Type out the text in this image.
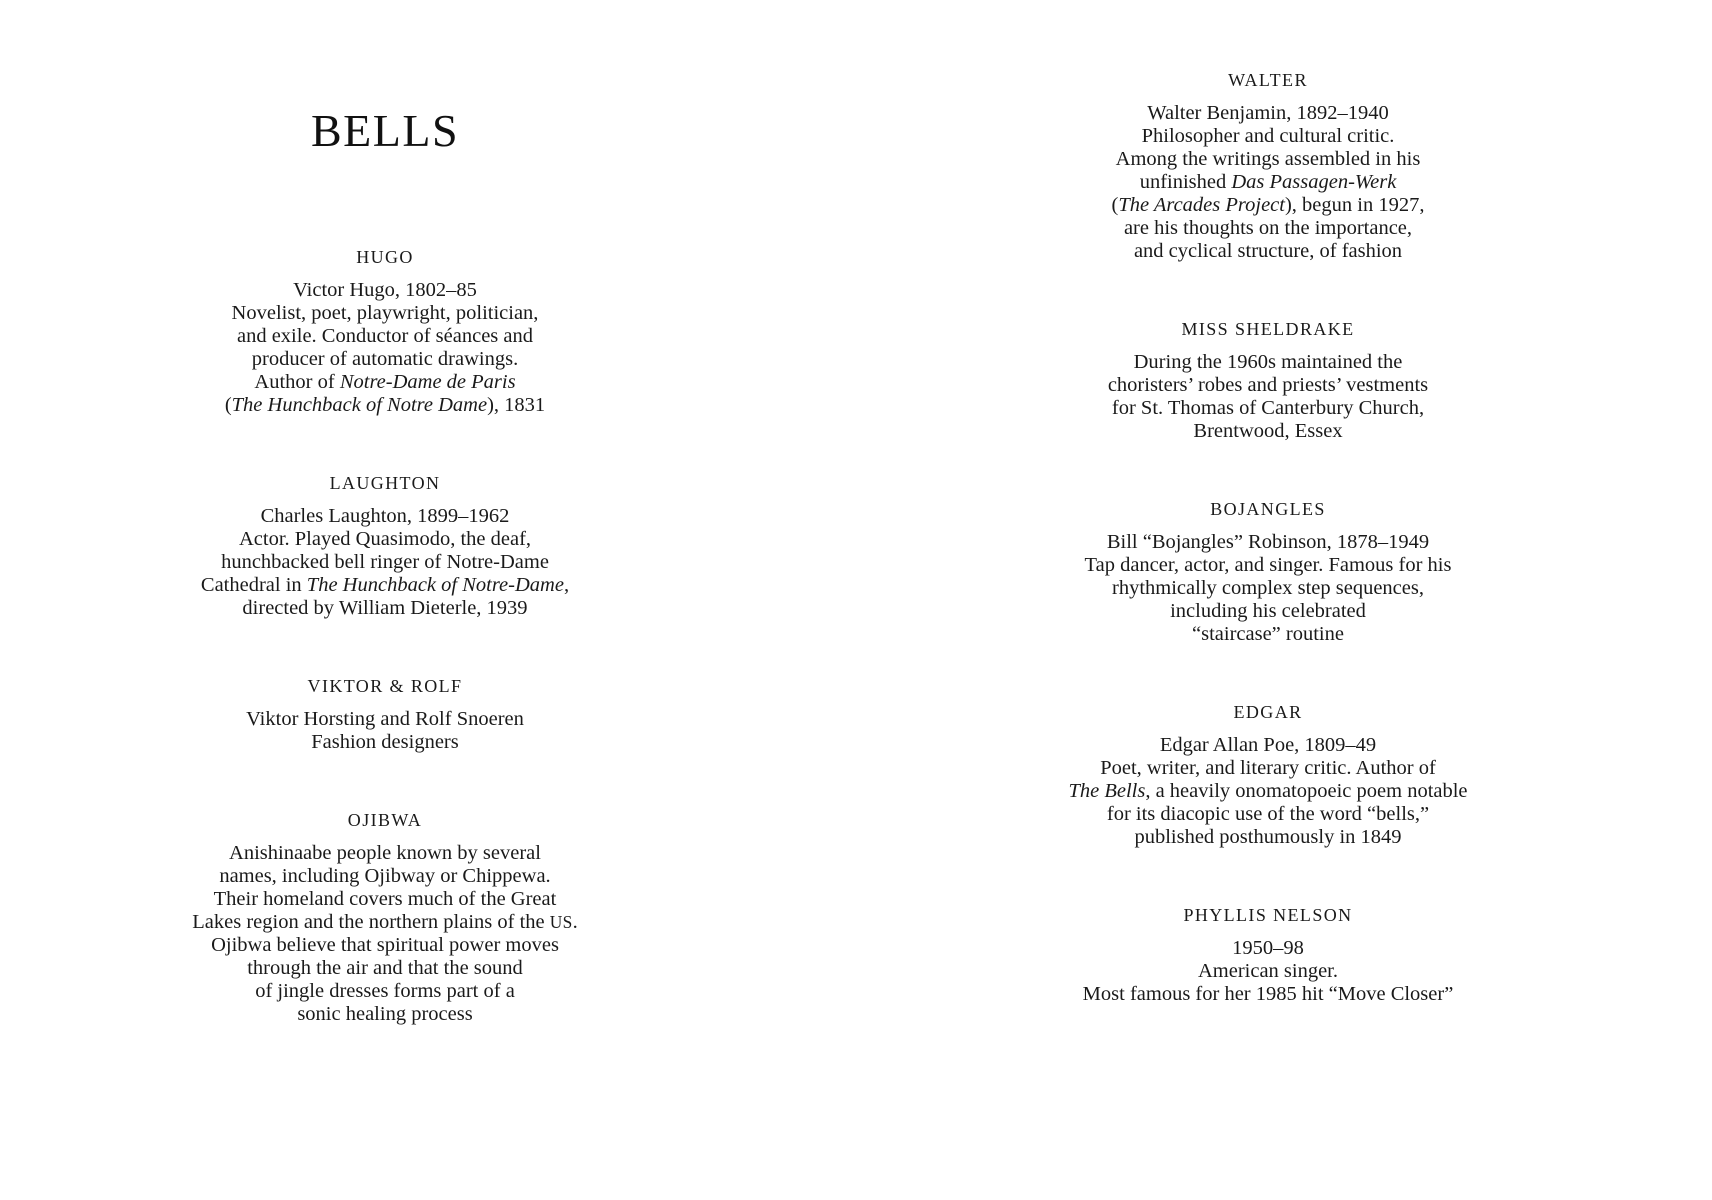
BELLS
HUGO
Victor Hugo, 1802–85
Novelist, poet, playwright, politician,
and exile. Conductor of séances and
producer of automatic drawings.
Author of Notre-Dame de Paris
(The Hunchback of Notre Dame), 1831
LAUGHTON
Charles Laughton, 1899–1962
Actor. Played Quasimodo, the deaf,
hunchbacked bell ringer of Notre-Dame
Cathedral in The Hunchback of Notre-Dame,
directed by William Dieterle, 1939
VIKTOR & ROLF
Viktor Horsting and Rolf Snoeren
Fashion designers
OJIBWA
Anishinaabe people known by several
names, including Ojibway or Chippewa.
Their homeland covers much of the Great
Lakes region and the northern plains of the US.
Ojibwa believe that spiritual power moves
through the air and that the sound
of jingle dresses forms part of a
sonic healing process
WALTER
Walter Benjamin, 1892–1940
Philosopher and cultural critic.
Among the writings assembled in his
unfinished Das Passagen-Werk
(The Arcades Project), begun in 1927,
are his thoughts on the importance,
and cyclical structure, of fashion
MISS SHELDRAKE
During the 1960s maintained the
choristers’ robes and priests’ vestments
for St. Thomas of Canterbury Church,
Brentwood, Essex
BOJANGLES
Bill “Bojangles” Robinson, 1878–1949
Tap dancer, actor, and singer. Famous for his
rhythmically complex step sequences,
including his celebrated
“staircase” routine
EDGAR
Edgar Allan Poe, 1809–49
Poet, writer, and literary critic. Author of
The Bells, a heavily onomatopoeic poem notable
for its diacopic use of the word “bells,”
published posthumously in 1849
PHYLLIS NELSON
1950–98
American singer.
Most famous for her 1985 hit “Move Closer”
